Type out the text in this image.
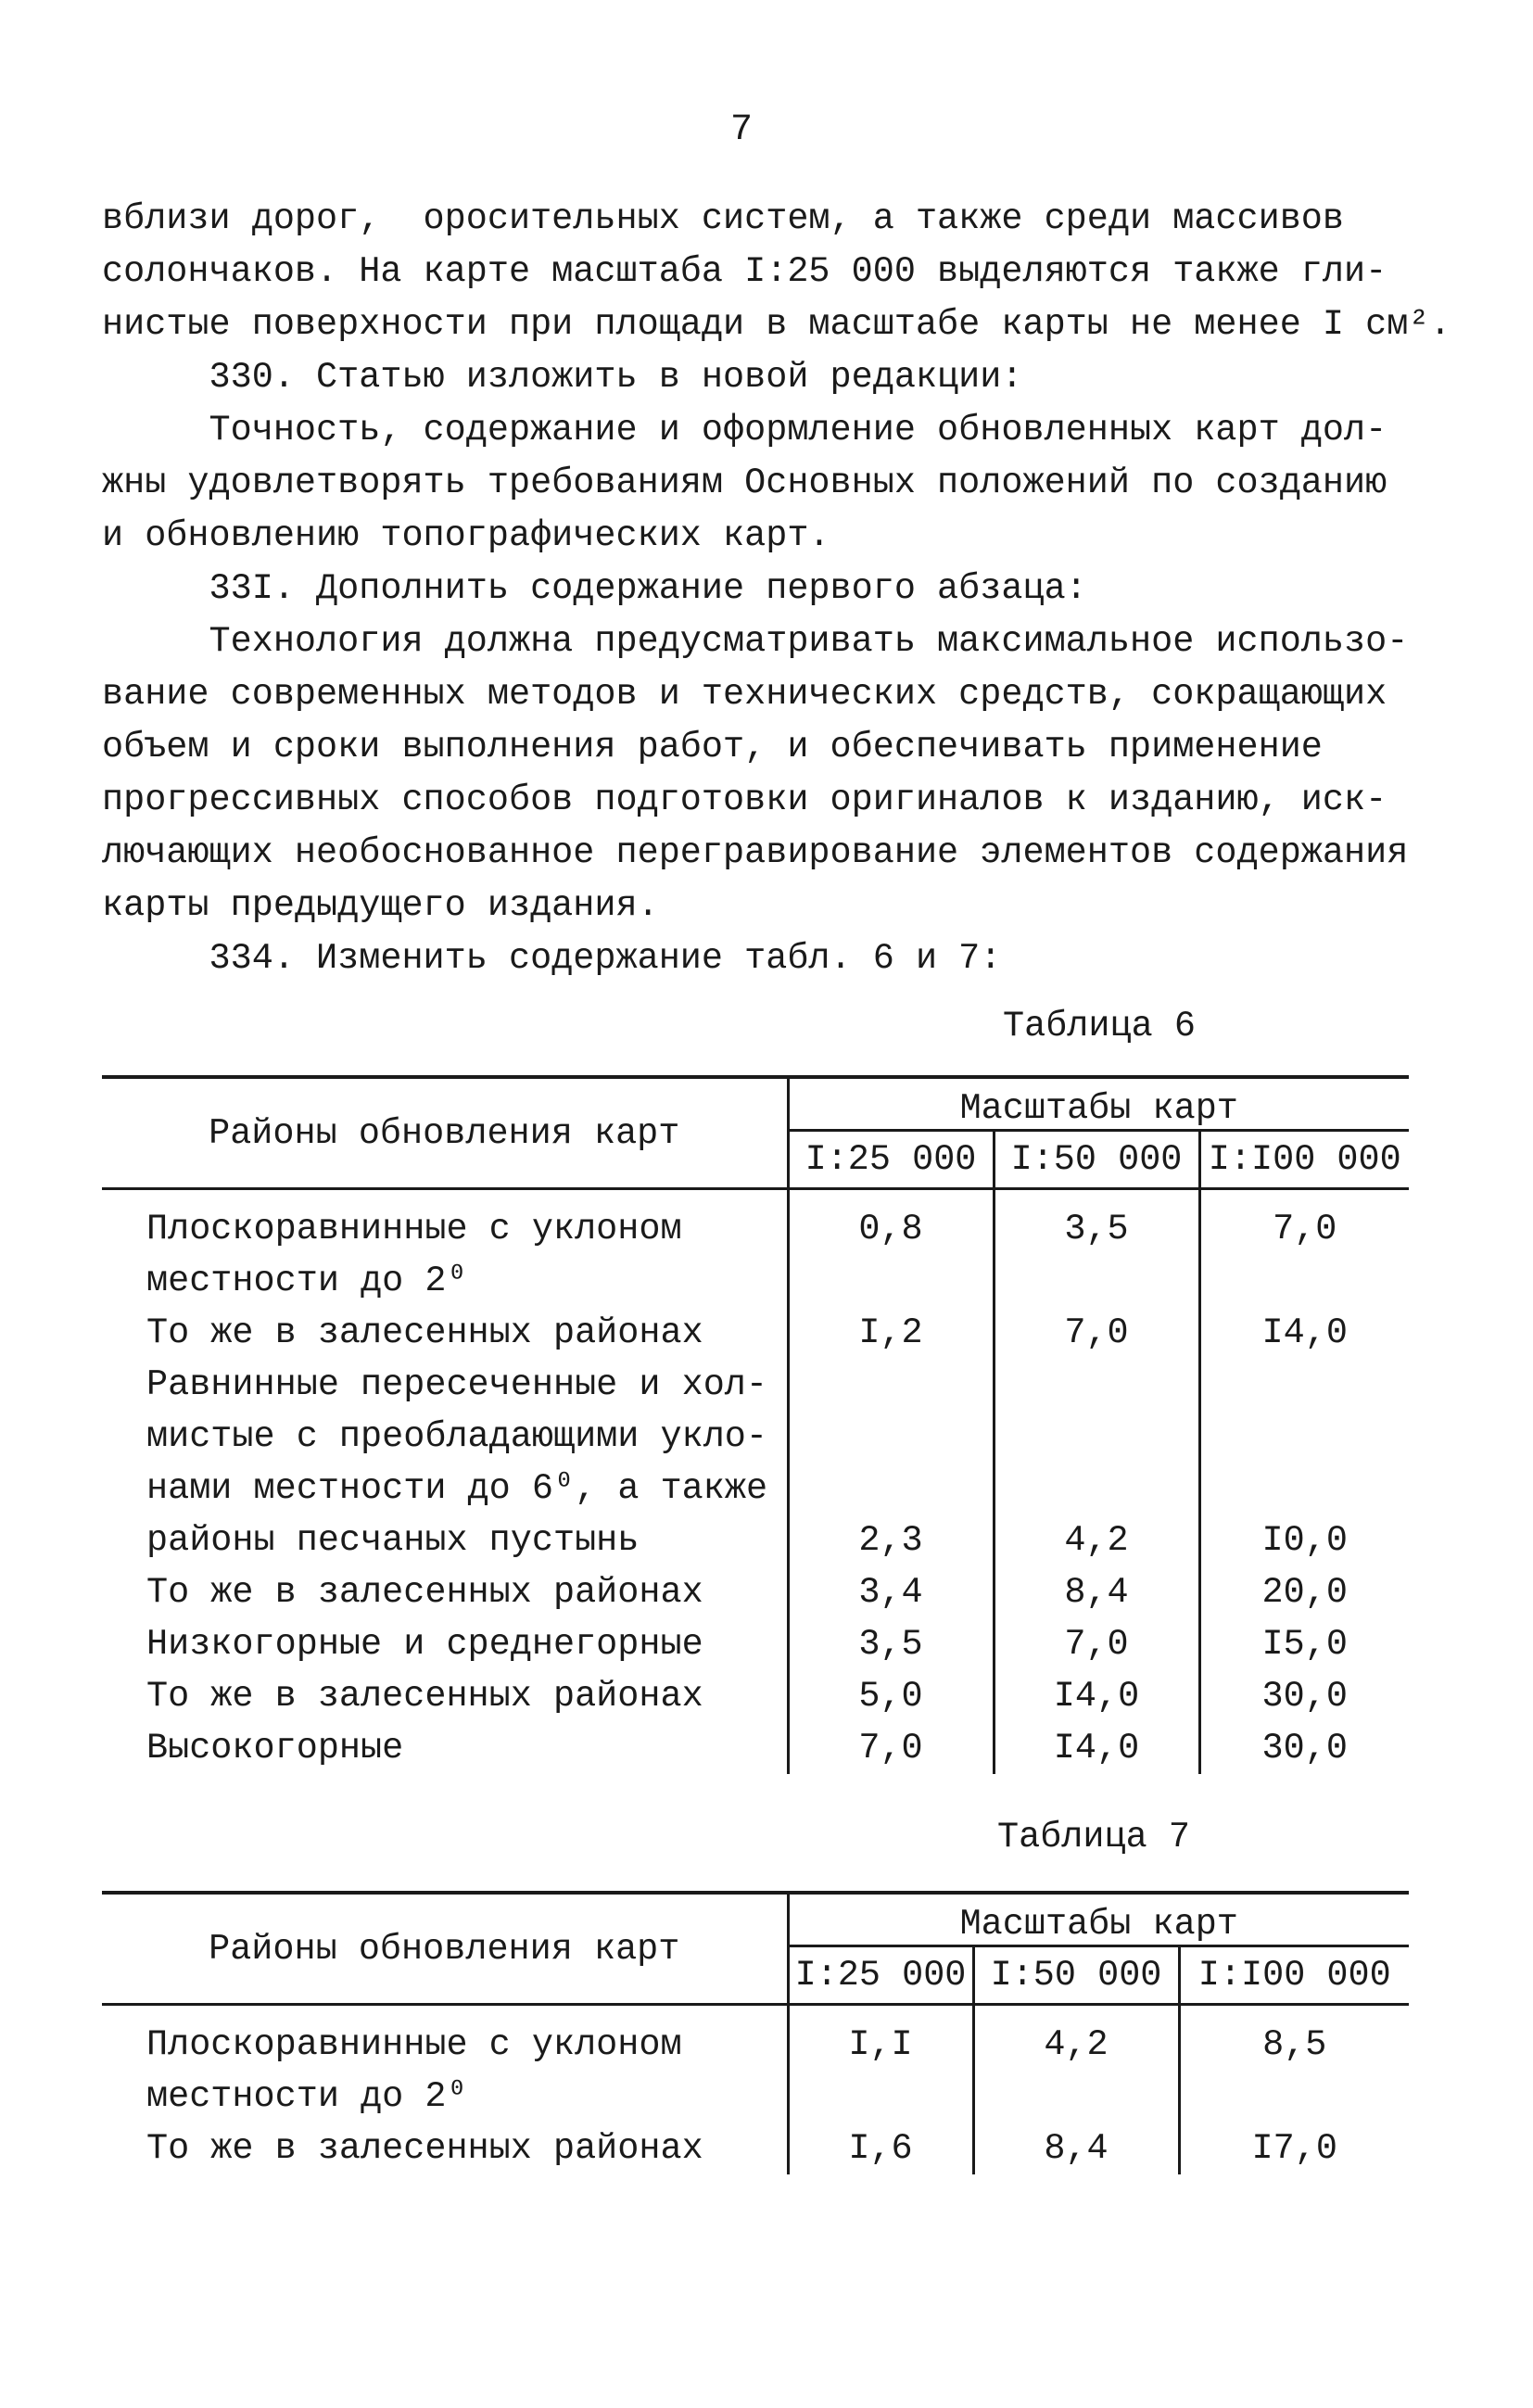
7

вблизи дорог,  оросительных систем, а также среди массивов

солончаков. На карте масштаба I:25 000 выделяются также гли-

нистые поверхности при площади в масштабе карты не менее I см².

330. Статью изложить в новой редакции:

Точность, содержание и оформление обновленных карт дол-

жны удовлетворять требованиям Основных положений по созданию

и обновлению топографических карт.

33I. Дополнить содержание первого абзаца:

Технология должна предусматривать максимальное использо-

вание современных методов и технических средств, сокращающих

объем и сроки выполнения работ, и обеспечивать применение

прогрессивных способов подготовки оригиналов к изданию, иск-

лючающих необоснованное перегравирование элементов содержания

карты предыдущего издания.

334. Изменить содержание табл. 6 и 7:

Таблица 6
Районы обновления карт	Масштабы карт		
	I:25 000	I:50 000	I:I00 000
Плоскоравнинные с уклоном
местности до 2⁰	0,8	3,5	7,0
То же в залесенных районах	I,2	7,0	I4,0
Равнинные пересеченные и хол-
мистые с преобладающими укло-
нами местности до 6⁰, а также
районы песчаных пустынь	2,3	4,2	I0,0
То же в залесенных районах	3,4	8,4	20,0
Низкогорные и среднегорные	3,5	7,0	I5,0
То же в залесенных районах	5,0	I4,0	30,0
Высокогорные	7,0	I4,0	30,0
Таблица 7
Районы обновления карт	Масштабы карт		
	I:25 000	I:50 000	I:I00 000
Плоскоравнинные с уклоном
местности до 2⁰	I,I	4,2	8,5
То же в залесенных районах	I,6	8,4	I7,0
